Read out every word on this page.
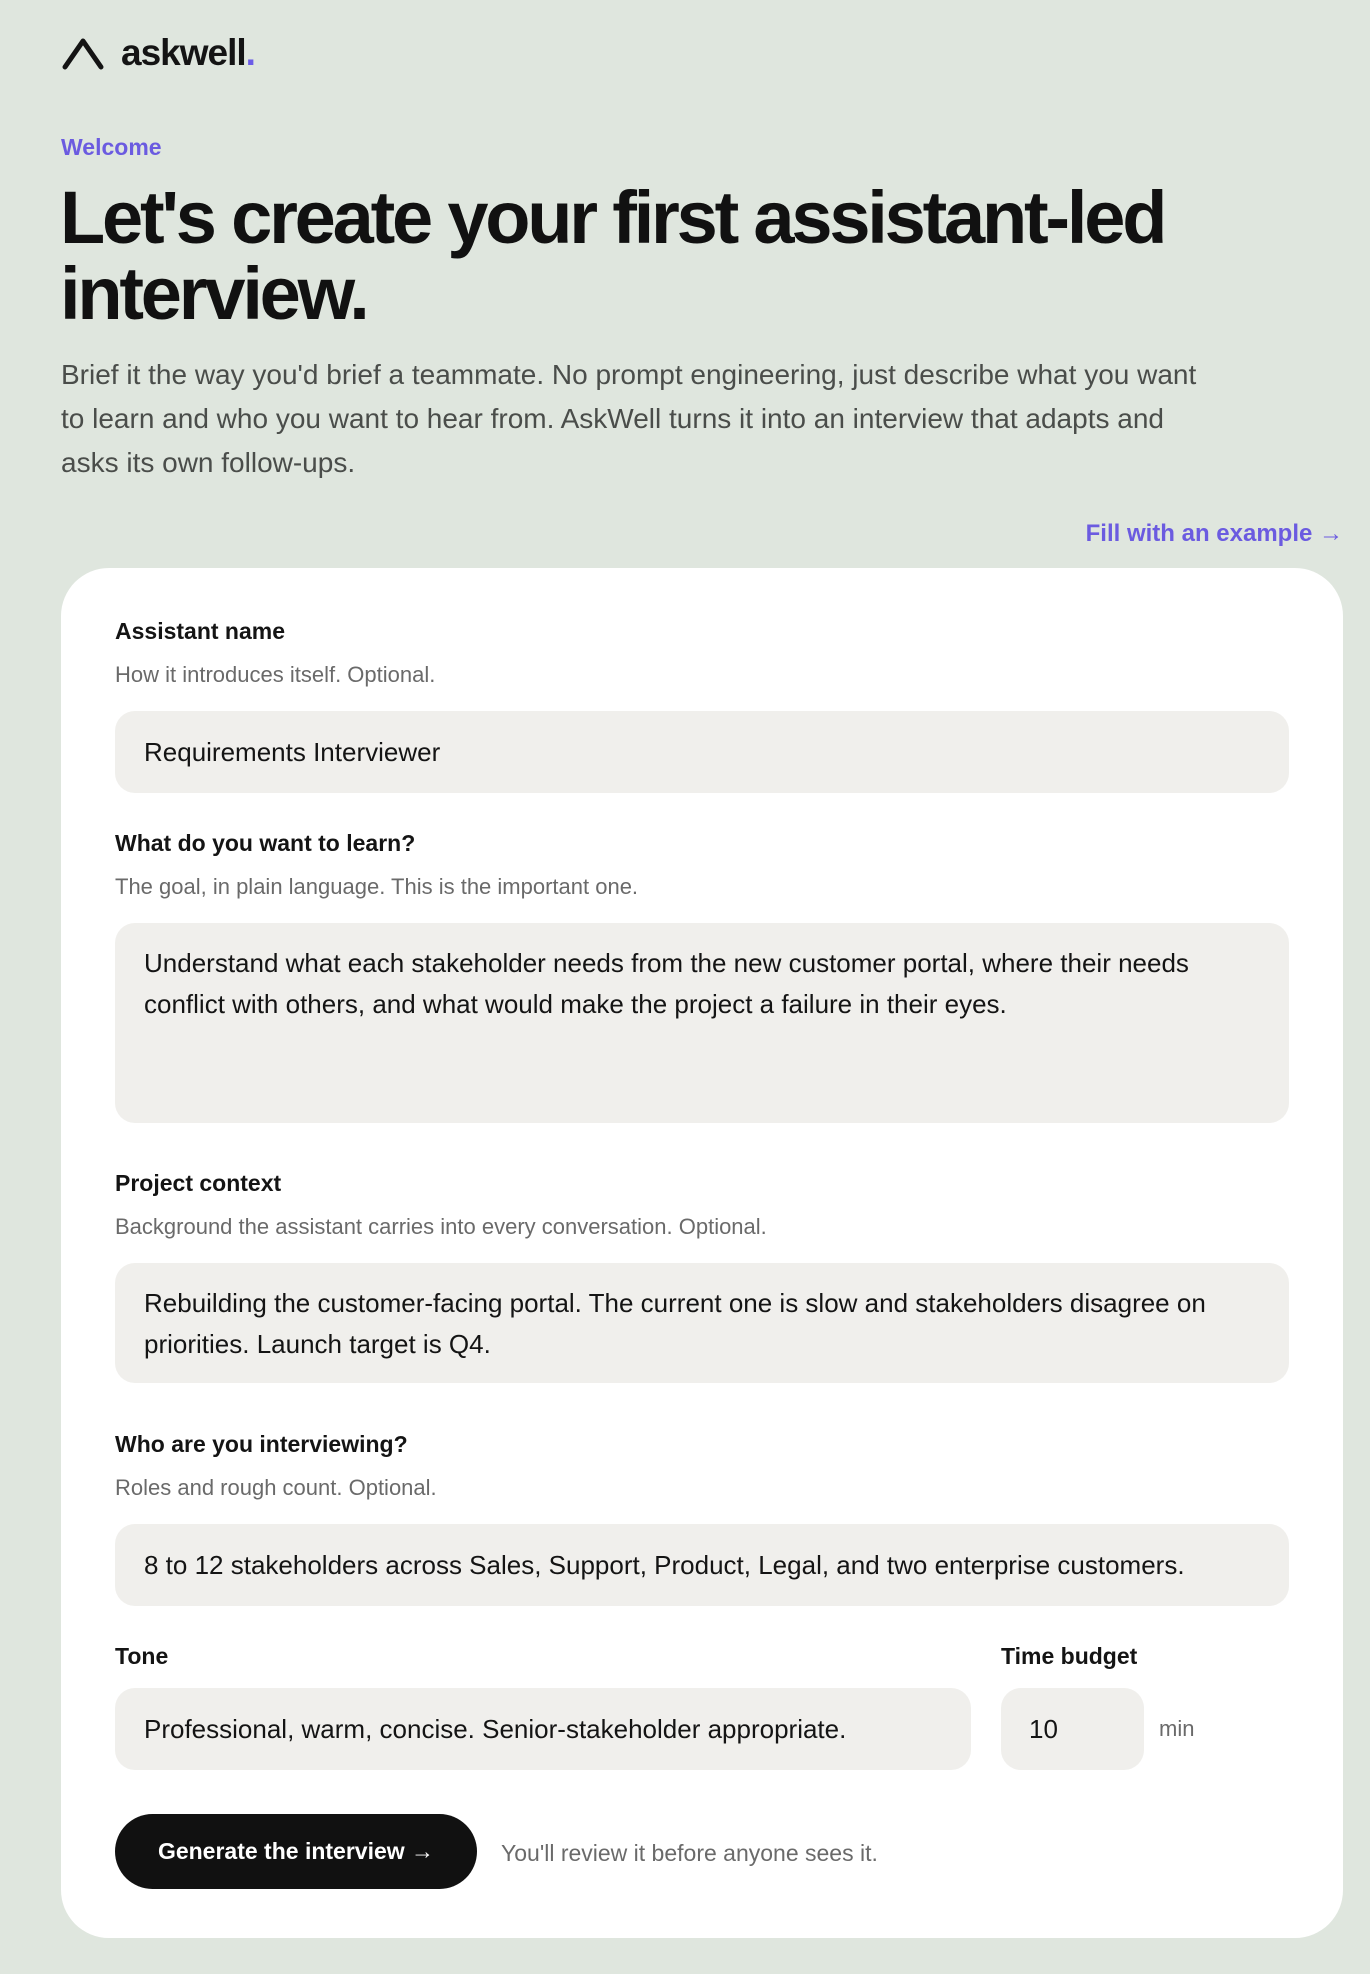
askwell.
Welcome
Let's create your first assistant-led interview.

Brief it the way you'd brief a teammate. No prompt engineering, just describe what you want to learn and who you want to hear from. AskWell turns it into an interview that adapts and asks its own follow-ups.

Fill with an example →
Assistant name
How it introduces itself. Optional.
Requirements Interviewer
What do you want to learn?
The goal, in plain language. This is the important one.
Understand what each stakeholder needs from the new customer portal, where their needs conflict with others, and what would make the project a failure in their eyes.
Project context
Background the assistant carries into every conversation. Optional.
Rebuilding the customer-facing portal. The current one is slow and stakeholders disagree on priorities. Launch target is Q4.
Who are you interviewing?
Roles and rough count. Optional.
8 to 12 stakeholders across Sales, Support, Product, Legal, and two enterprise customers.
Tone
Professional, warm, concise. Senior-stakeholder appropriate.
Time budget
10	min
Generate the interview →	You'll review it before anyone sees it.
